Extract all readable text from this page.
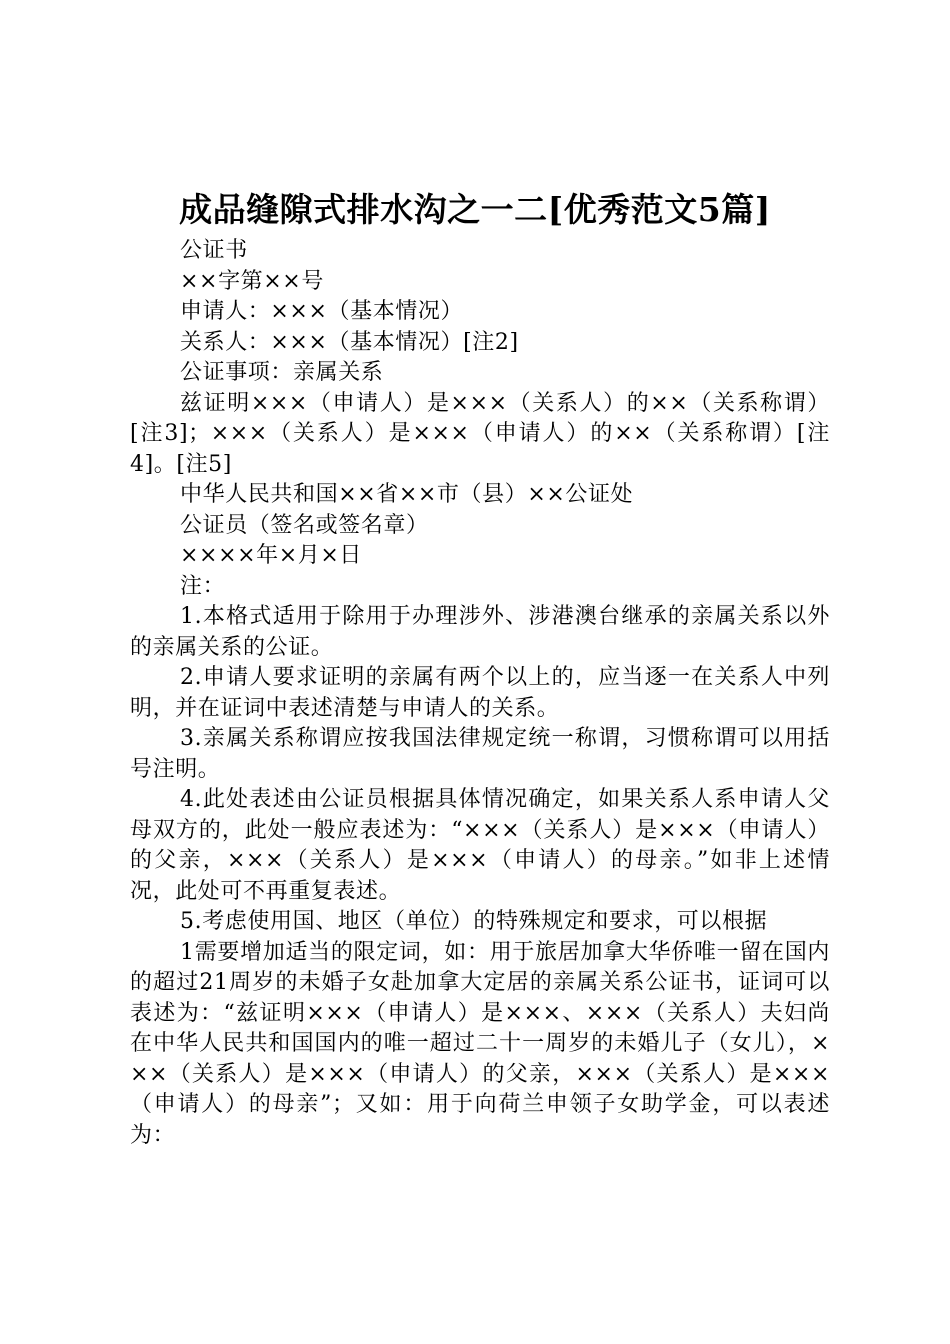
成品缝隙式排水沟之一二[优秀范文5篇]

公证书

××字第××号

申请人：×××（基本情况）

关系人：×××（基本情况）[注2]

公证事项：亲属关系

兹证明×××（申请人）是×××（关系人）的××（关系称谓）[注3]；×××（关系人）是×××（申请人）的××（关系称谓）[注4]。[注5]

中华人民共和国××省××市（县）××公证处

公证员（签名或签名章）

××××年×月×日

注：

1.本格式适用于除用于办理涉外、涉港澳台继承的亲属关系以外的亲属关系的公证。

2.申请人要求证明的亲属有两个以上的，应当逐一在关系人中列明，并在证词中表述清楚与申请人的关系。

3.亲属关系称谓应按我国法律规定统一称谓，习惯称谓可以用括号注明。

4.此处表述由公证员根据具体情况确定，如果关系人系申请人父母双方的，此处一般应表述为：“×××（关系人）是×××（申请人）的父亲，×××（关系人）是×××（申请人）的母亲。”如非上述情况，此处可不再重复表述。

5.考虑使用国、地区（单位）的特殊规定和要求，可以根据

1需要增加适当的限定词，如：用于旅居加拿大华侨唯一留在国内的超过21周岁的未婚子女赴加拿大定居的亲属关系公证书，证词可以表述为：“兹证明×××（申请人）是×××、×××（关系人）夫妇尚在中华人民共和国国内的唯一超过二十一周岁的未婚儿子（女儿），×××（关系人）是×××（申请人）的父亲，×××（关系人）是×××（申请人）的母亲”；又如：用于向荷兰申领子女助学金，可以表述为：
